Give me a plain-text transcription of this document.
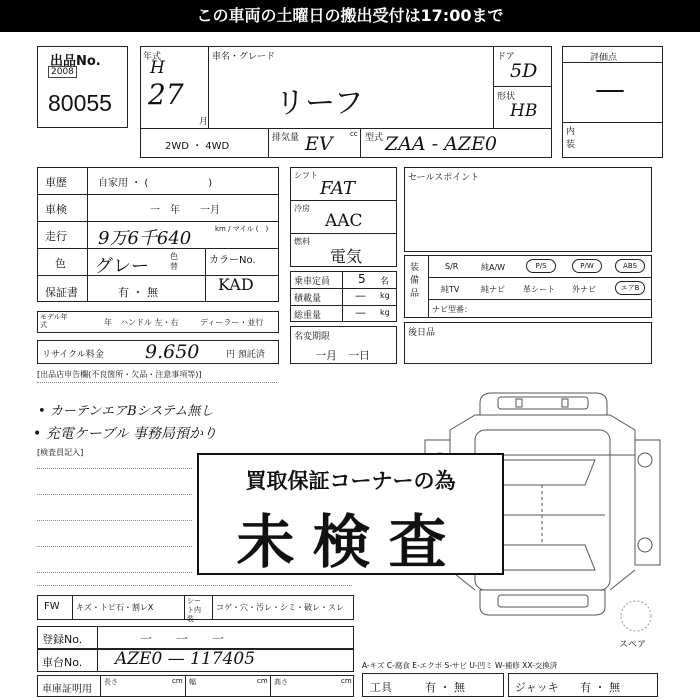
この車両の土曜日の搬出受付は17:00まで
出品No.
2008
80055
年式
H
27
月
車名・グレード
リーフ
ドア
5D
形状
HB
2WD ・ 4WD
排気量 EV cc 型式 ZAA - AZE0
評価点
—
内装
車歴	自家用 ・ (　　　　　　)
車検	一　年　　一月
走行 9万6千640	km / マイル (　)
色 グレー	色替
カラーNo.
KAD
保証書	有 ・ 無
モデル年式	年 ハンドル 左・右	ディーラー・並行
リサイクル料金 9.650	円 預託済
シフト
FAT
冷房
AAC
燃料
電気
乗車定員 5 名
積載量	— kg
総重量	— kg
名変期限
一月　一日
セールスポイント
装備品
S/R	純A/W	P/S	P/W	ABS
純TV	純ナビ 革シート 外ナビ	エアB
ナビ型番：
後日品
[出品店申告欄(不良箇所・欠品・注意事項等)]
• カーテンエアBシステム無し
• 充電ケーブル 事務局預かり
[検査員記入]
スペア
FW キズ・トビ石・割レX
シート内装
コゲ・穴・汚レ・シミ・破レ・スレ
登録No.	一　　一　　一
車台No. AZE0 — 117405
車庫証明用
長さ	cm 幅	cm 高さ	cm
A-キズ C-腐食 E-エクボ S-サビ U-凹ミ W-補修 XX-交換済
工具	有 ・ 無	ジャッキ 有 ・ 無
買取保証コーナーの為
未検査
